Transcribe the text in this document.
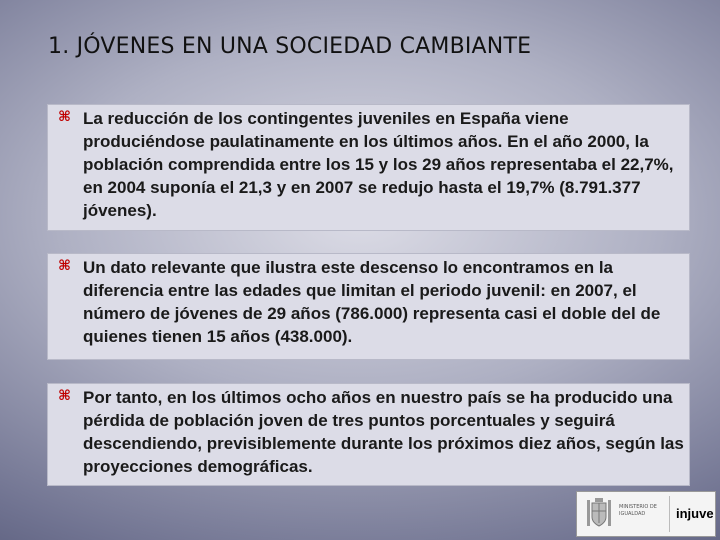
1. JÓVENES EN UNA SOCIEDAD CAMBIANTE
⌘ La reducción de los contingentes juveniles en España viene produciéndose paulatinamente en los últimos años. En el año 2000, la población comprendida entre los 15 y los 29 años representaba el 22,7%, en 2004 suponía el 21,3 y en 2007 se redujo hasta el 19,7% (8.791.377 jóvenes).
⌘ Un dato relevante que ilustra este descenso lo encontramos en la diferencia entre las edades que limitan el periodo juvenil: en 2007, el número de jóvenes de 29 años (786.000) representa casi el doble del de quienes tienen 15 años (438.000).
⌘ Por tanto, en los últimos ocho años en nuestro país se ha producido una pérdida de población joven de tres puntos porcentuales y seguirá descendiendo, previsiblemente durante los próximos diez años, según las proyecciones demográficas.
MINISTERIO DE IGUALDAD	injuve
